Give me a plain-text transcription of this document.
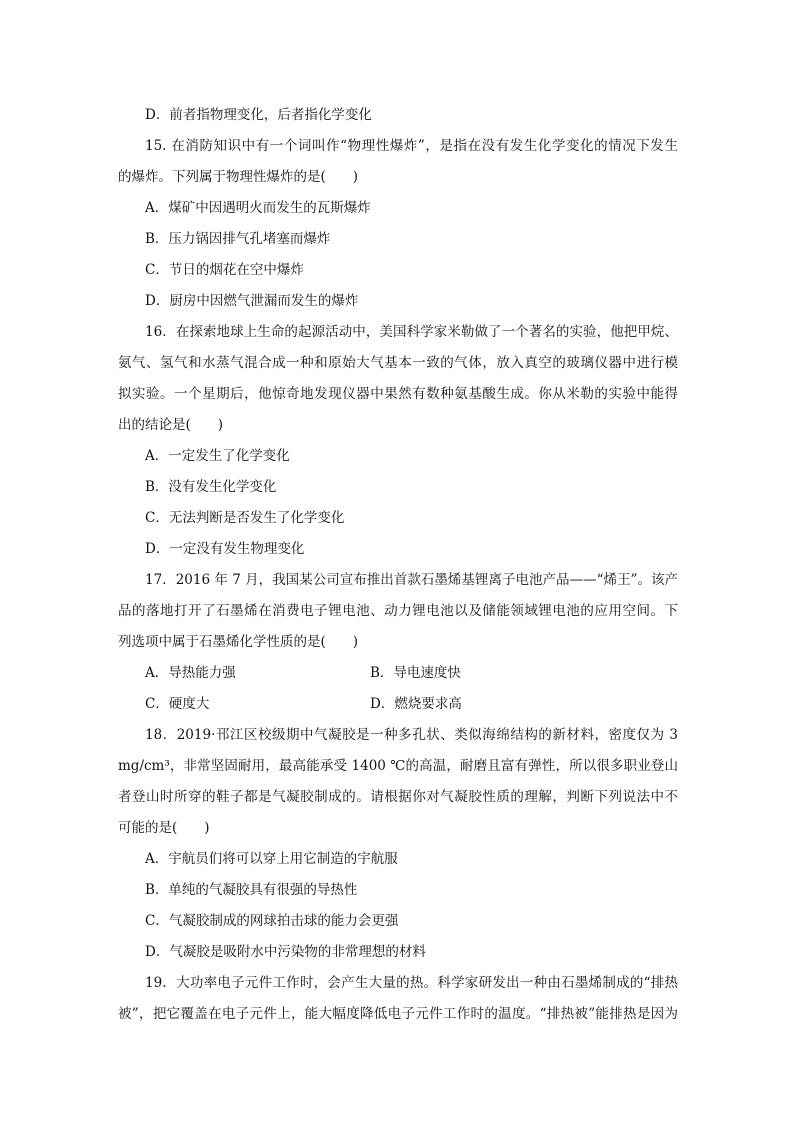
D．前者指物理变化，后者指化学变化
15. 在消防知识中有一个词叫作“物理性爆炸”，是指在没有发生化学变化的情况下发生
的爆炸。下列属于物理性爆炸的是(　　)
A．煤矿中因遇明火而发生的瓦斯爆炸
B．压力锅因排气孔堵塞而爆炸
C．节日的烟花在空中爆炸
D．厨房中因燃气泄漏而发生的爆炸
16．在探索地球上生命的起源活动中，美国科学家米勒做了一个著名的实验，他把甲烷、
氨气、氢气和水蒸气混合成一种和原始大气基本一致的气体，放入真空的玻璃仪器中进行模
拟实验。一个星期后，他惊奇地发现仪器中果然有数种氨基酸生成。你从米勒的实验中能得
出的结论是(　　)
A．一定发生了化学变化
B．没有发生化学变化
C．无法判断是否发生了化学变化
D．一定没有发生物理变化
17．2016 年 7 月，我国某公司宣布推出首款石墨烯基锂离子电池产品——“烯王”。该产
品的落地打开了石墨烯在消费电子锂电池、动力锂电池以及储能领域锂电池的应用空间。下
列选项中属于石墨烯化学性质的是(　　)
A．导热能力强	B．导电速度快
C．硬度大	D．燃烧要求高
18．2019·邗江区校级期中气凝胶是一种多孔状、类似海绵结构的新材料，密度仅为 3
mg/cm³，非常坚固耐用，最高能承受 1400 ℃的高温，耐磨且富有弹性，所以很多职业登山
者登山时所穿的鞋子都是气凝胶制成的。请根据你对气凝胶性质的理解，判断下列说法中不
可能的是(　　)
A．宇航员们将可以穿上用它制造的宇航服
B．单纯的气凝胶具有很强的导热性
C．气凝胶制成的网球拍击球的能力会更强
D．气凝胶是吸附水中污染物的非常理想的材料
19．大功率电子元件工作时，会产生大量的热。科学家研发出一种由石墨烯制成的“排热
被”，把它覆盖在电子元件上，能大幅度降低电子元件工作时的温度。“排热被”能排热是因为
